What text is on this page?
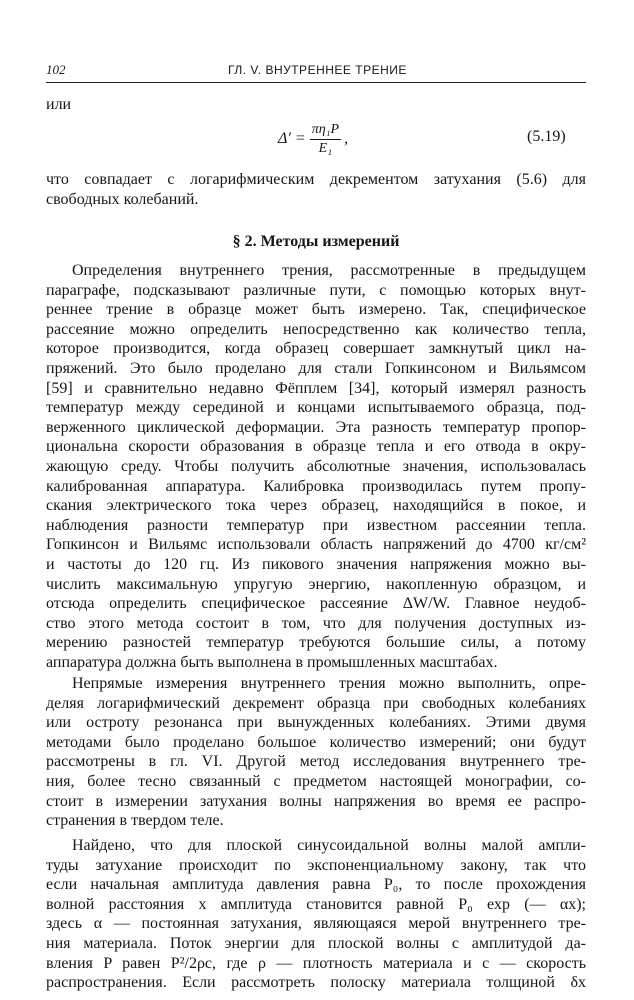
102	ГЛ. V. ВНУТРЕННЕЕ ТРЕНИЕ
или
$\Delta' = \frac{\text{πη₁P}}{\text{E₁}}$ ,	(5.19)
что совпадает с логарифмическим декрементом затухания (5.6) для
свободных колебаний.
§ 2. Методы измерений
Определения внутреннего трения, рассмотренные в предыдущем
параграфе, подсказывают различные пути, с помощью которых внут-
реннее трение в образце может быть измерено. Так, специфическое
рассеяние можно определить непосредственно как количество тепла,
которое производится, когда образец совершает замкнутый цикл на-
пряжений. Это было проделано для стали Гопкинсоном и Вильямсом
[59] и сравнительно недавно Фёпплем [34], который измерял разность
температур между серединой и концами испытываемого образца, под-
верженного циклической деформации. Эта разность температур пропор-
циональна скорости образования в образце тепла и его отвода в окру-
жающую среду. Чтобы получить абсолютные значения, использовалась
калиброванная аппаратура. Калибровка производилась путем пропу-
скания электрического тока через образец, находящийся в покое, и
наблюдения разности температур при известном рассеянии тепла.
Гопкинсон и Вильямс использовали область напряжений до 4700 кг/см²
и частоты до 120 гц. Из пикового значения напряжения можно вы-
числить максимальную упругую энергию, накопленную образцом, и
отсюда определить специфическое рассеяние ΔW/W. Главное неудоб-
ство этого метода состоит в том, что для получения доступных из-
мерению разностей температур требуются большие силы, а потому
аппаратура должна быть выполнена в промышленных масштабах.
Непрямые измерения внутреннего трения можно выполнить, опре-
деляя логарифмический декремент образца при свободных колебаниях
или остроту резонанса при вынужденных колебаниях. Этими двумя
методами было проделано большое количество измерений; они будут
рассмотрены в гл. VI. Другой метод исследования внутреннего тре-
ния, более тесно связанный с предметом настоящей монографии, со-
стоит в измерении затухания волны напряжения во время ее распро-
странения в твердом теле.
Найдено, что для плоской синусоидальной волны малой ампли-
туды затухание происходит по экспоненциальному закону, так что
если начальная амплитуда давления равна P₀, то после прохождения
волной расстояния x амплитуда становится равной P₀ exp (— αx);
здесь α — постоянная затухания, являющаяся мерой внутреннего тре-
ния материала. Поток энергии для плоской волны с амплитудой да-
вления P равен P²/2ρc, где ρ — плотность материала и c — скорость
распространения. Если рассмотреть полоску материала толщиной δx
